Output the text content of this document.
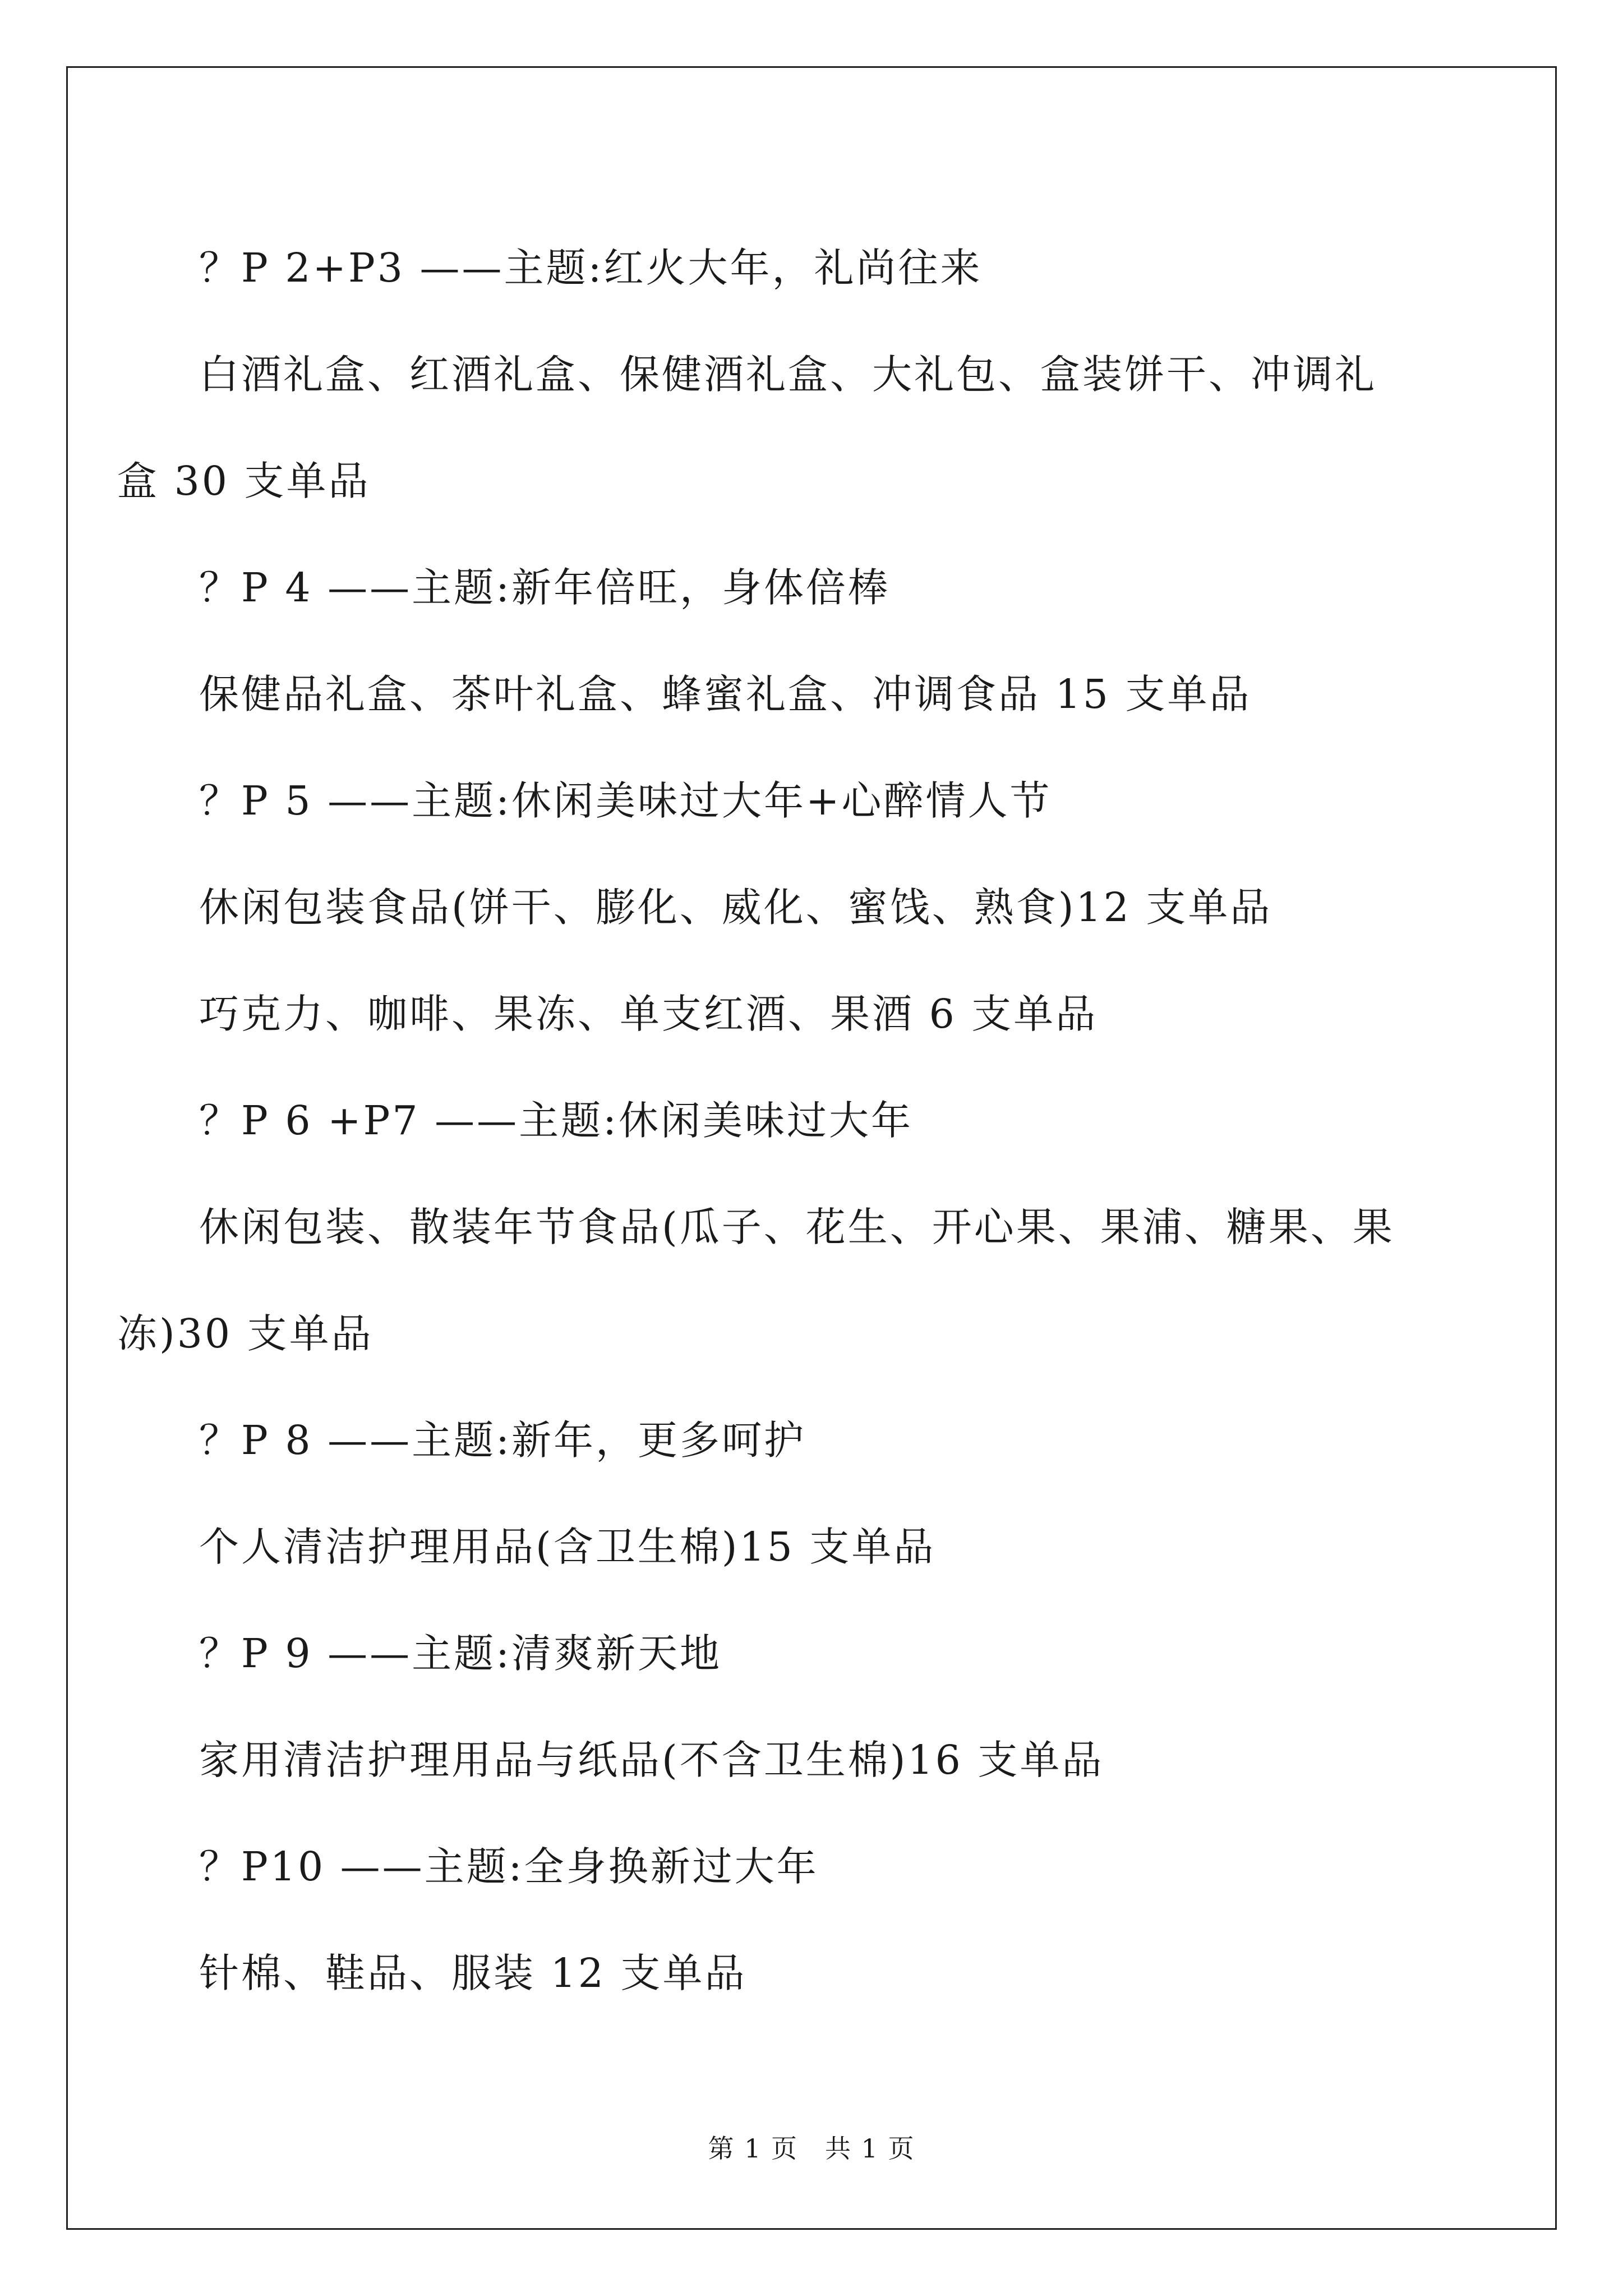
？P 2+P3 ——主题:红火大年，礼尚往来

白酒礼盒、红酒礼盒、保健酒礼盒、大礼包、盒装饼干、冲调礼

盒 30 支单品

？P 4 ——主题:新年倍旺，身体倍棒

保健品礼盒、茶叶礼盒、蜂蜜礼盒、冲调食品 15 支单品

？P 5 ——主题:休闲美味过大年+心醉情人节

休闲包装食品(饼干、膨化、威化、蜜饯、熟食)12 支单品

巧克力、咖啡、果冻、单支红酒、果酒 6 支单品

？P 6 +P7 ——主题:休闲美味过大年

休闲包装、散装年节食品(瓜子、花生、开心果、果浦、糖果、果

冻)30 支单品

？P 8 ——主题:新年，更多呵护

个人清洁护理用品(含卫生棉)15 支单品

？P 9 ——主题:清爽新天地

家用清洁护理用品与纸品(不含卫生棉)16 支单品

？P10 ——主题:全身换新过大年

针棉、鞋品、服装 12 支单品

第 1 页 共 1 页
